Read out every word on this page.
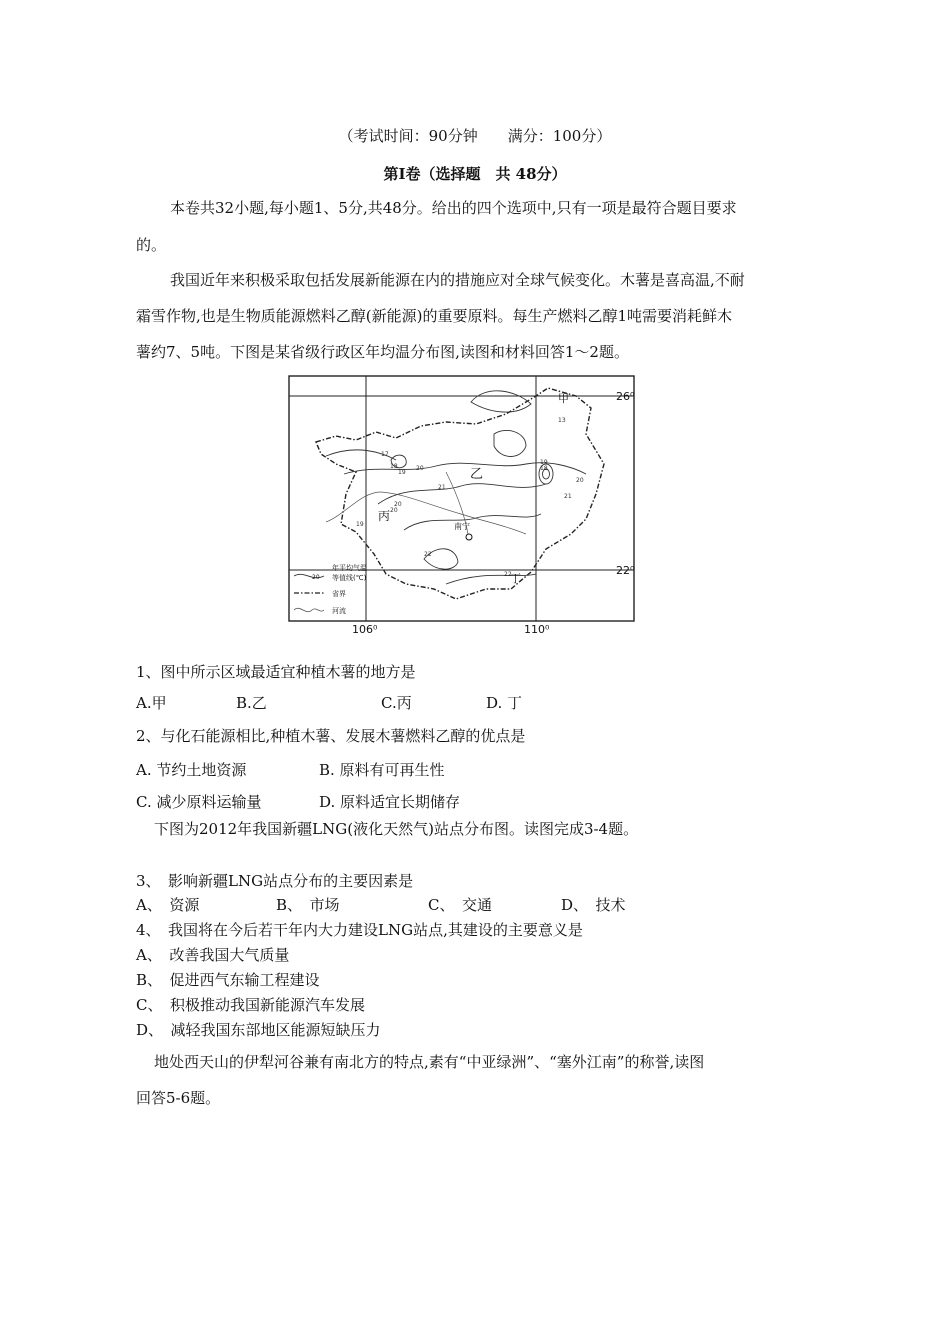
（考试时间：90分钟　　满分：100分）
第Ⅰ卷（选择题　共 48分）
本卷共32小题,每小题1、5分,共48分。给出的四个选项中,只有一项是最符合题目要求
的。
我国近年来积极采取包括发展新能源在内的措施应对全球气候变化。木薯是喜高温,不耐
霜雪作物,也是生物质能源燃料乙醇(新能源)的重要原料。每生产燃料乙醇1吨需要消耗鲜木
薯约7、5吨。下图是某省级行政区年均温分布图,读图和材料回答1～2题。
26⁰
22⁰
106⁰	110⁰
甲
乙
丙
丁
南宁
13
17
18
19
20
21
22
18
19
20
21
20
22
19
20
20
年平均气温
等值线(℃)
省界
河流
1、图中所示区域最适宜种植木薯的地方是
A.甲	B.乙	C.丙	D. 丁
2、与化石能源相比,种植木薯、发展木薯燃料乙醇的优点是
A. 节约土地资源	B. 原料有可再生性
C. 减少原料运输量	D. 原料适宜长期储存
下图为2012年我国新疆LNG(液化天然气)站点分布图。读图完成3-4题。
3、　影响新疆LNG站点分布的主要因素是
A、　资源	B、　市场	C、　交通	D、　技术
4、　我国将在今后若干年内大力建设LNG站点,其建设的主要意义是
A、　改善我国大气质量
B、　促进西气东输工程建设
C、　积极推动我国新能源汽车发展
D、　减轻我国东部地区能源短缺压力
地处西天山的伊犁河谷兼有南北方的特点,素有“中亚绿洲”、“塞外江南”的称誉,读图
回答5-6题。
